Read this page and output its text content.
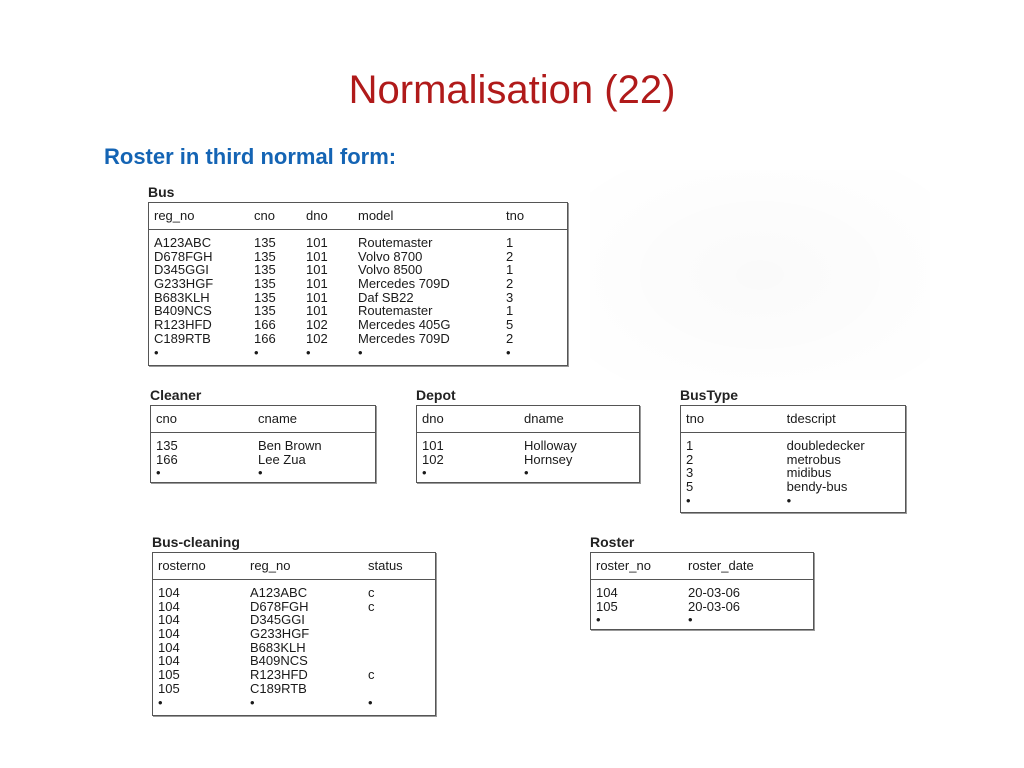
Normalisation (22)
Roster in third normal form:
Bus
reg_no	cno	dno	model	tno
A123ABC	135	101	Routemaster	1
D678FGH	135	101	Volvo 8700	2
D345GGI	135	101	Volvo 8500	1
G233HGF	135	101	Mercedes 709D	2
B683KLH	135	101	Daf SB22	3
B409NCS	135	101	Routemaster	1
R123HFD	166	102	Mercedes 405G	5
C189RTB	166	102	Mercedes 709D	2
•	•	•	•	•
Cleaner
cno	cname
135	Ben Brown
166	Lee Zua
•	•
Depot
dno	dname
101	Holloway
102	Hornsey
•	•
BusType
tno	tdescript
1	doubledecker
2	metrobus
3	midibus
5	bendy-bus
•	•
Bus-cleaning
rosterno	reg_no	status
104	A123ABC	c
104	D678FGH	c
104	D345GGI
104	G233HGF
104	B683KLH
104	B409NCS
105	R123HFD	c
105	C189RTB
•	•	•
Roster
roster_no	roster_date
104	20-03-06
105	20-03-06
•	•
